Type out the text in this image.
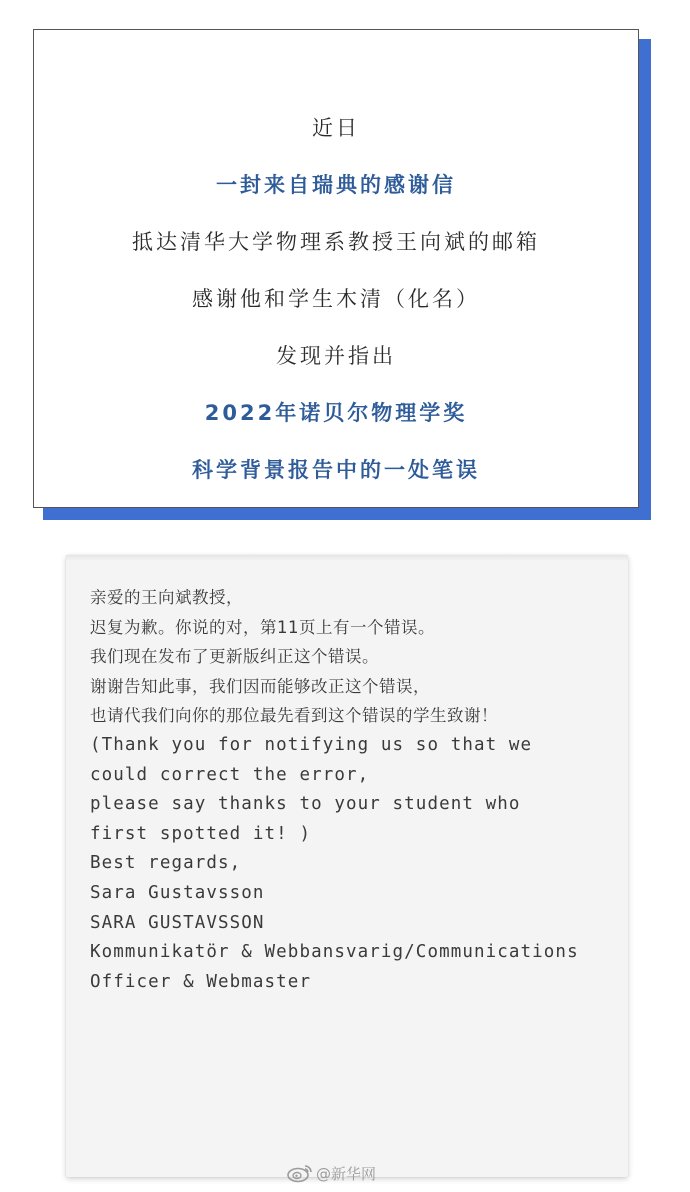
近日
一封来自瑞典的感谢信
抵达清华大学物理系教授王向斌的邮箱
感谢他和学生木清（化名）
发现并指出
2022年诺贝尔物理学奖
科学背景报告中的一处笔误
亲爱的王向斌教授，
迟复为歉。你说的对，第11页上有一个错误。
我们现在发布了更新版纠正这个错误。
谢谢告知此事，我们因而能够改正这个错误，
也请代我们向你的那位最先看到这个错误的学生致谢！
(Thank you for notifying us so that we
could correct the error,
please say thanks to your student who
first spotted it! )
Best regards,
Sara Gustavsson
SARA GUSTAVSSON
Kommunikatör & Webbansvarig/Communications
Officer & Webmaster
@新华网
